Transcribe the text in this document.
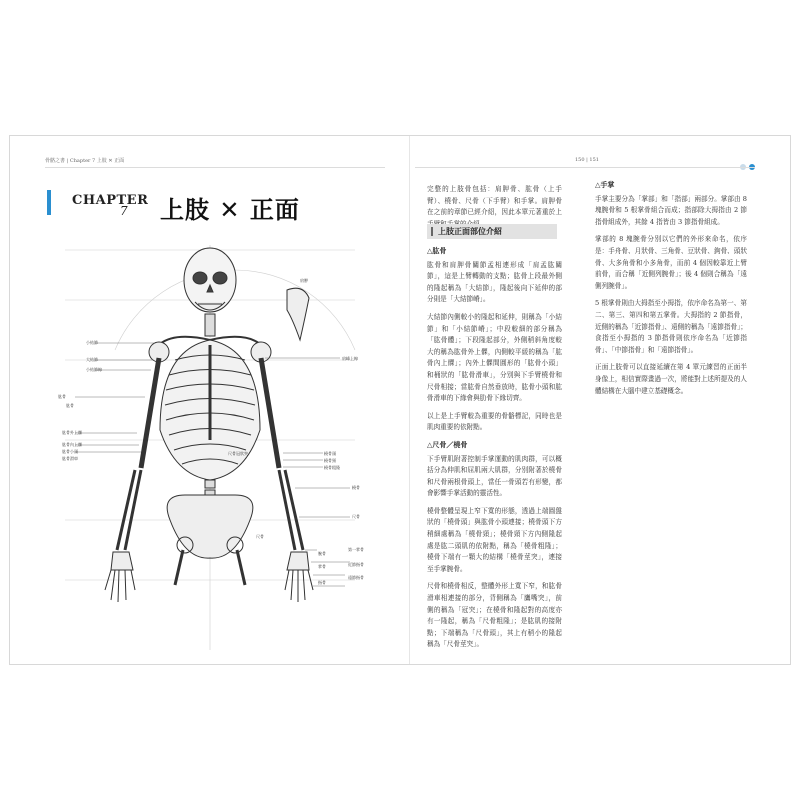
骨骼之書 | Chapter 7 上肢 ✕ 正面	150 | 151
CHAPTER
7 上肢 ✕ 正面
小結節
大結節
小結節線
肱骨
肱骨
肱骨外上髁
肱骨內上髁
肱骨小頭	尺骨冠狀突	橈骨頭
橈骨頸
橈骨粗隆
肩峰上線
橈骨
尺骨
尺骨
腕骨
第一掌骨
近節指骨
遠節指骨
指骨
掌骨
肱骨滑車
肩胛

完整的上肢骨包括：肩胛骨、肱骨（上手臂）、橈骨、尺骨（下手臂）和手掌。肩胛骨在之前的章節已經介紹，因此本單元著重於上

上肢正面部位介紹
△肱骨

肱骨和肩胛骨關節孟相連形成「肩孟肱關節」，這是上臂轉動的支點；肱骨上段最外側的隆起稱為「大結節」，隆起後向下延伸的部分則是「大結節嵴」。

大結節內側較小的隆起和延伸，則稱為「小結節」和「小結節嵴」；中段較細的部分稱為「肱骨體」；下段隆起部分，外側稍斜角度較大的稱為肱骨外上髁，內側較平緩的稱為「肱骨內上髁」；內外上髁間圓形的「肱骨小頭」和桶狀的「肱骨滑車」，分別與下手臂橈骨和尺骨相接；當肱骨自然垂放時，肱骨小頭和肱骨滑車的下緣會與肋骨下緣切齊。

以上是上手臂較為重要的骨骼標記，同時也是肌肉重要的依附點。

△尺骨／橈骨

下手臂肌附著控制手掌運動的肌肉群，可以概括分為伸肌和屈肌兩大肌群，分別附著於橈骨和尺骨兩根骨頭上，當任一骨頭若有形變，都會影響手掌活動的靈活性。

橈骨整體呈現上窄下寬的形態，透過上端圓盤狀的「橈骨頭」與肱骨小頭連接；橈骨頭下方稍細處稱為「橈骨頸」；橈骨頸下方內側隆起處是肱二頭肌的依附點，稱為「橈骨粗隆」；橈骨下端有一顆大的結構「橈骨莖突」，連接至手掌腕骨。

尺骨和橈骨相反，整體外形上寬下窄，和肱骨滑車相連接的部分，背側稱為「鷹嘴突」，前側的稱為「冠突」；在橈骨和隆起對的高度亦有一隆起，稱為「尺骨粗隆」；是肱肌的接附點；下端稱為「尺骨頭」，其上有稍小的隆起稱為「尺骨莖突」。

△手掌

手掌主要分為「掌部」和「指部」兩部分。掌部由 8 塊腕骨和 5 根掌骨組合而成；指部除大拇指由 2 節指骨組成外，其餘 4 指皆由 3 節指骨組成。

掌部的 8 塊腕骨分別以它們的外形來命名，依序是：手舟骨、月狀骨、三角骨、豆狀骨、鉤骨、頭狀骨、大多角骨和小多角骨，而前 4 個因較靠近上臂前骨，而合稱「近側列腕骨」；後 4 個則合稱為「遠側列腕骨」。

5 根掌骨則由大拇指至小拇指，依序命名為第一、第二、第三、第四和第五掌骨。大拇指的 2 節指骨，近側的稱為「近節指骨」、遠側的稱為「遠節指骨」；食指至小拇指的 3 節指骨則依序命名為「近節指骨」、「中節指骨」和「遠節指骨」。

正面上肢骨可以直接延續在第 4 單元練習的正面半身像上，相信實際畫過一次，將能對上述所提及的人體結構在大腦中建立基礎概念。
